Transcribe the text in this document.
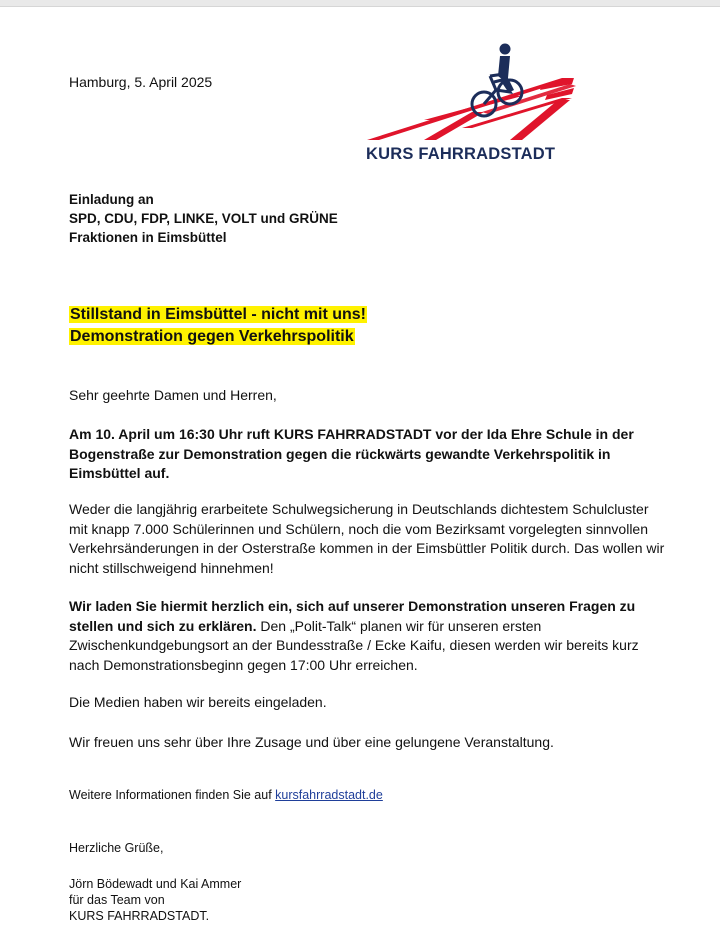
Hamburg, 5. April 2025
KURS FAHRRADSTADT
Einladung an
SPD, CDU, FDP, LINKE, VOLT und GRÜNE
Fraktionen in Eimsbüttel
Stillstand in Eimsbüttel - nicht mit uns!
Demonstration gegen Verkehrspolitik
Sehr geehrte Damen und Herren,
Am 10. April um 16:30 Uhr ruft KURS FAHRRADSTADT vor der Ida Ehre Schule in der Bogenstraße zur Demonstration gegen die rückwärts gewandte Verkehrspolitik in Eimsbüttel auf.
Weder die langjährig erarbeitete Schulwegsicherung in Deutschlands dichtestem Schulcluster mit knapp 7.000 Schülerinnen und Schülern, noch die vom Bezirksamt vorgelegten sinnvollen Verkehrsänderungen in der Osterstraße kommen in der Eimsbüttler Politik durch. Das wollen wir nicht stillschweigend hinnehmen!
Wir laden Sie hiermit herzlich ein, sich auf unserer Demonstration unseren Fragen zu stellen und sich zu erklären. Den „Polit-Talk“ planen wir für unseren ersten Zwischenkundgebungsort an der Bundesstraße / Ecke Kaifu, diesen werden wir bereits kurz nach Demonstrationsbeginn gegen 17:00 Uhr erreichen.
Die Medien haben wir bereits eingeladen.
Wir freuen uns sehr über Ihre Zusage und über eine gelungene Veranstaltung.
Weitere Informationen finden Sie auf kursfahrradstadt.de
Herzliche Grüße,
Jörn Bödewadt und Kai Ammer
für das Team von
KURS FAHRRADSTADT.
